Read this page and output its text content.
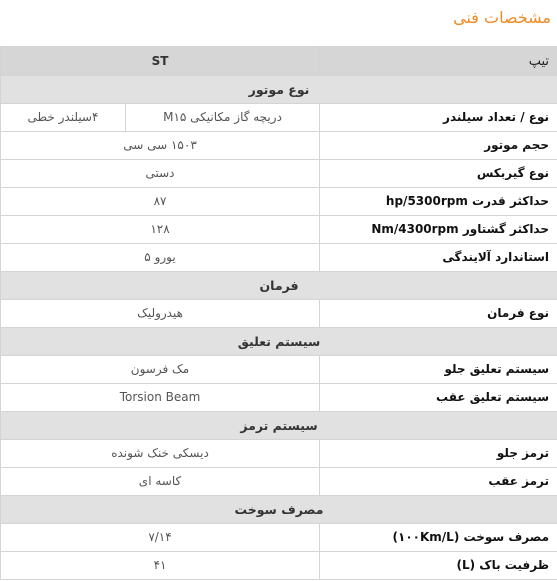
مشخصات فنی
تیپ	ST	
نوع موتور		
نوع / تعداد سیلندر	دریچه گاز مکانیکی M۱۵	۴سیلندر خطی
حجم موتور	۱۵۰۳ سی سی	
نوع گیربکس	دستی	
حداکثر قدرت hp/5300rpm	۸۷	
حداکثر گشتاور Nm/4300rpm	۱۲۸	
استاندارد آلایندگی	یورو ۵	
فرمان		
نوع فرمان	هیدرولیک	
سیستم تعلیق		
سیستم تعلیق جلو	مک فرسون	
سیستم تعلیق عقب	Torsion Beam	
سیستم ترمز		
ترمز جلو	دیسکی خنک شونده	
ترمز عقب	کاسه ای	
مصرف سوخت		
مصرف سوخت (۱۰۰Km/L)	۷/۱۴	
ظرفیت باک (L)	۴۱	
